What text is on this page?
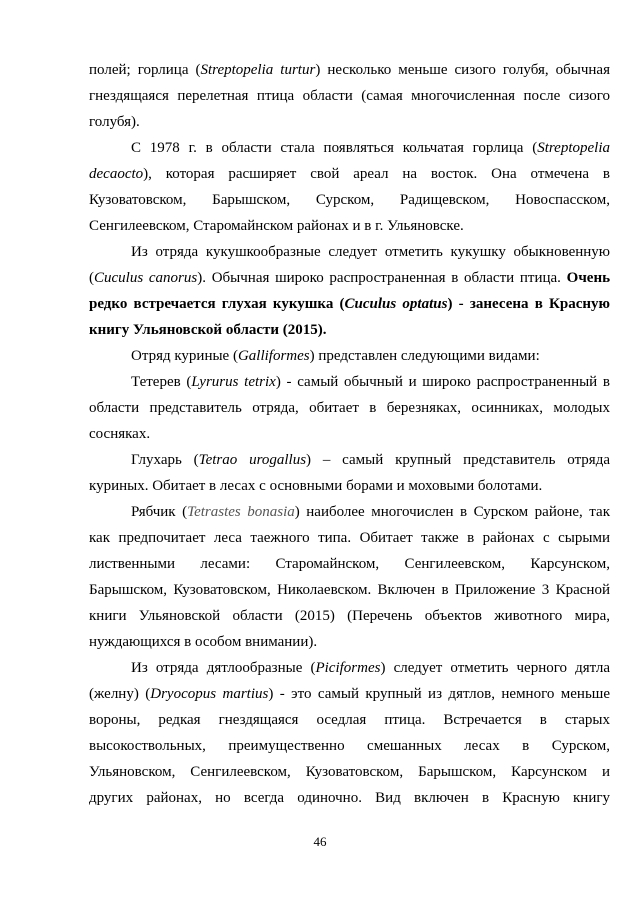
полей; горлица (Streptopelia turtur) несколько меньше сизого голубя, обычная
гнездящаяся перелетная птица области (самая многочисленная после сизого
голубя).
С 1978 г. в области стала появляться кольчатая горлица (Streptopelia
decaocto), которая расширяет свой ареал на восток. Она отмечена в
Кузоватовском, Барышском, Сурском, Радищевском, Новоспасском,
Сенгилеевском, Старомайнском районах и в г. Ульяновске.
Из отряда кукушкообразные следует отметить кукушку обыкновенную
(Cuculus canorus). Обычная широко распространенная в области птица. Очень
редко встречается глухая кукушка (Cuculus optatus) - занесена в Красную
книгу Ульяновской области (2015).
Отряд куриные (Galliformes) представлен следующими видами:
Тетерев (Lyrurus tetrix) - самый обычный и широко распространенный в
области представитель отряда, обитает в березняках, осинниках, молодых
сосняках.
Глухарь (Tetrao urogallus) – самый крупный представитель отряда
куриных. Обитает в лесах с основными борами и моховыми болотами.
Рябчик (Tetrastes bonasia) наиболее многочислен в Сурском районе, так
как предпочитает леса таежного типа. Обитает также в районах с сырыми
лиственными лесами: Старомайнском, Сенгилеевском, Карсунском,
Барышском, Кузоватовском, Николаевском. Включен в Приложение 3 Красной
книги Ульяновской области (2015) (Перечень объектов животного мира,
нуждающихся в особом внимании).
Из отряда дятлообразные (Piciformes) следует отметить черного дятла
(желну) (Dryocopus martius) - это самый крупный из дятлов, немного меньше
вороны, редкая гнездящаяся оседлая птица. Встречается в старых
высокоствольных, преимущественно смешанных лесах в Сурском,
Ульяновском, Сенгилеевском, Кузоватовском, Барышском, Карсунском и
других районах, но всегда одиночно. Вид включен в Красную книгу
46
